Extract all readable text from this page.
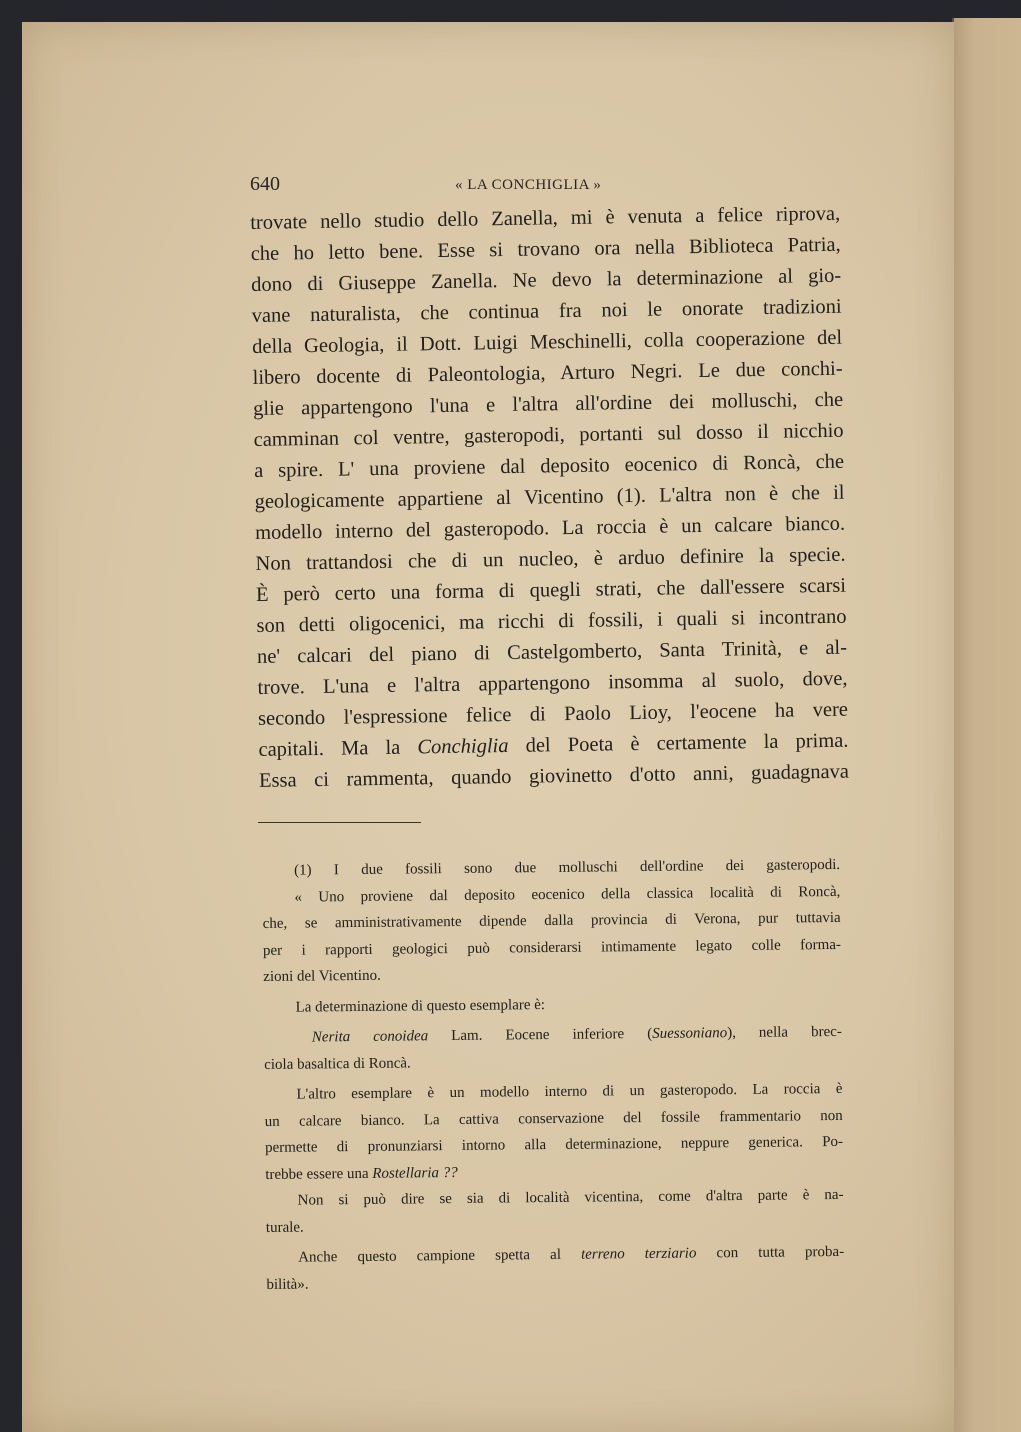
640	« LA CONCHIGLIA »
trovate nello studio dello Zanella, mi è venuta a felice riprova,
che ho letto bene. Esse si trovano ora nella Biblioteca Patria,
dono di Giuseppe Zanella. Ne devo la determinazione al gio-
vane naturalista, che continua fra noi le onorate tradizioni
della Geologia, il Dott. Luigi Meschinelli, colla cooperazione del
libero docente di Paleontologia, Arturo Negri. Le due conchi-
glie appartengono l'una e l'altra all'ordine dei molluschi, che
camminan col ventre, gasteropodi, portanti sul dosso il nicchio
a spire. L' una proviene dal deposito eocenico di Roncà, che
geologicamente appartiene al Vicentino (1). L'altra non è che il
modello interno del gasteropodo. La roccia è un calcare bianco.
Non trattandosi che di un nucleo, è arduo definire la specie.
È però certo una forma di quegli strati, che dall'essere scarsi
son detti oligocenici, ma ricchi di fossili, i quali si incontrano
ne' calcari del piano di Castelgomberto, Santa Trinità, e al-
trove. L'una e l'altra appartengono insomma al suolo, dove,
secondo l'espressione felice di Paolo Lioy, l'eocene ha vere
capitali. Ma la Conchiglia del Poeta è certamente la prima.
Essa ci rammenta, quando giovinetto d'otto anni, guadagnava
(1) I due fossili sono due molluschi dell'ordine dei gasteropodi.
« Uno proviene dal deposito eocenico della classica località di Roncà,
che, se amministrativamente dipende dalla provincia di Verona, pur tuttavia
per i rapporti geologici può considerarsi intimamente legato colle forma-
zioni del Vicentino.
La determinazione di questo esemplare è:
Nerita conoidea Lam. Eocene inferiore (Suessoniano), nella brec-
ciola basaltica di Roncà.
L'altro esemplare è un modello interno di un gasteropodo. La roccia è
un calcare bianco. La cattiva conservazione del fossile frammentario non
permette di pronunziarsi intorno alla determinazione, neppure generica. Po-
trebbe essere una Rostellaria ??
Non si può dire se sia di località vicentina, come d'altra parte è na-
turale.
Anche questo campione spetta al terreno terziario con tutta proba-
bilità».
